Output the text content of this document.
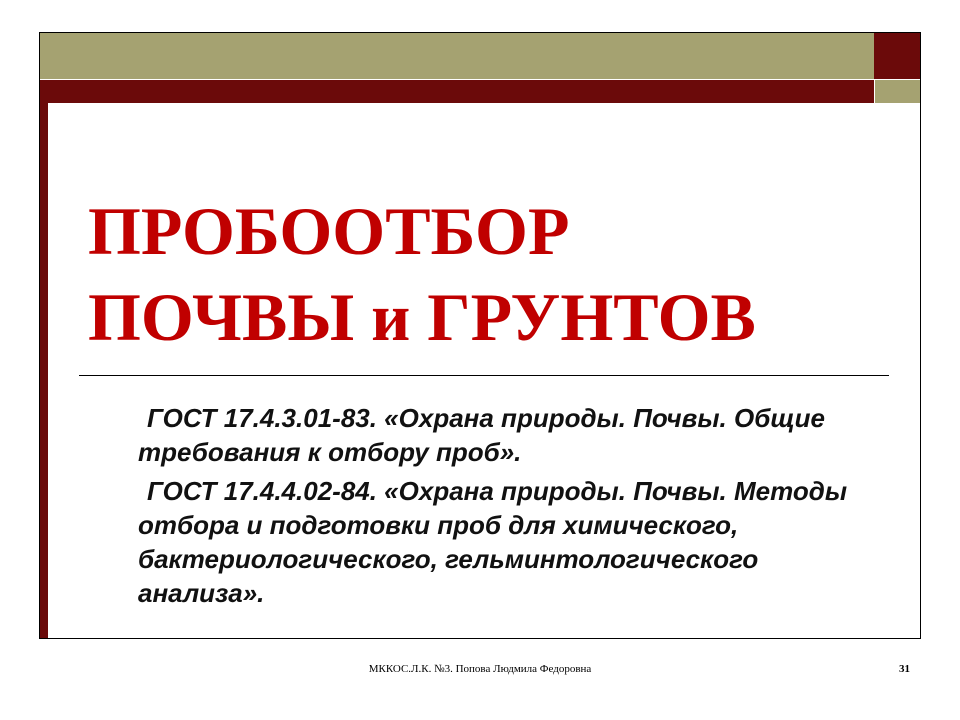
ПРОБООТБОР
ПОЧВЫ и ГРУНТОВ

ГОСТ 17.4.3.01-83. «Охрана природы. Почвы. Общие требования к отбору проб».

ГОСТ 17.4.4.02-84. «Охрана природы. Почвы. Методы отбора и подготовки проб для химического, бактериологического, гельминтологического анализа».

МККОС.Л.К. №3. Попова Людмила Федоровна	31
